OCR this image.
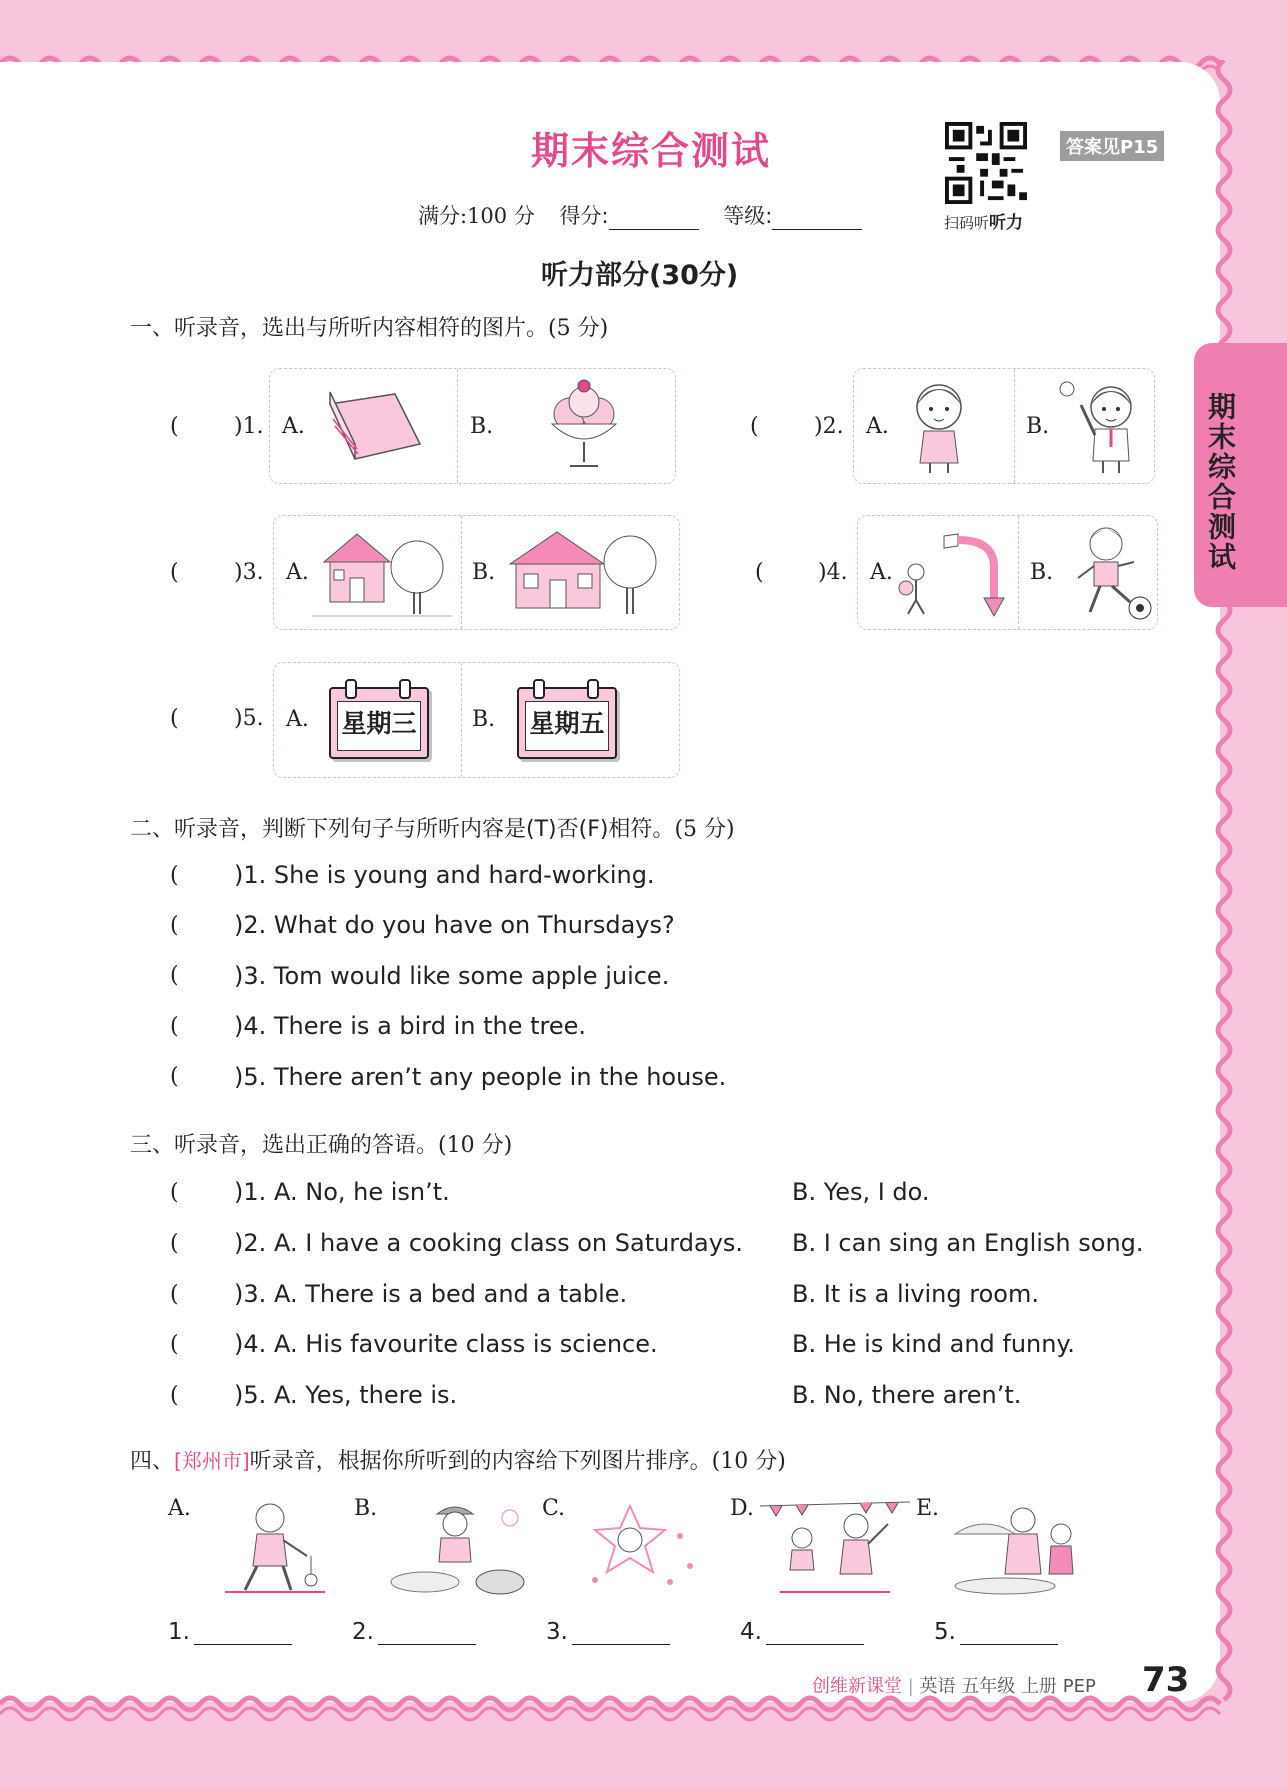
期末综合测试
期末综合测试
扫码听听力
答案见P15
满分:100 分 得分:	等级:
听力部分(30分)
一、听录音，选出与所听内容相符的图片。(5 分)
(	)1. A.	B.	(	)2. A.	B.
(	)3. A.	B.	( )4. A.	B.
(	)5. A. 星期三	B. 星期五
二、听录音，判断下列句子与所听内容是(T)否(F)相符。(5 分)
( )1. She is young and hard-working.
( )2. What do you have on Thursdays?
( )3. Tom would like some apple juice.
( )4. There is a bird in the tree.
( )5. There aren’t any people in the house.
三、听录音，选出正确的答语。(10 分)
( )1. A. No, he isn’t.	B. Yes, I do.
( )2. A. I have a cooking class on Saturdays. B. I can sing an English song.
( )3. A. There is a bed and a table.	B. It is a living room.
( )4. A. His favourite class is science.	B. He is kind and funny.
( )5. A. Yes, there is.	B. No, there aren’t.
四、[郑州市]听录音，根据你所听到的内容给下列图片排序。(10 分)
A.	B.	C.	D.	E.
1.	2.	3.	4.	5.
创维新课堂 | 英语 五年级 上册 PEP 73
